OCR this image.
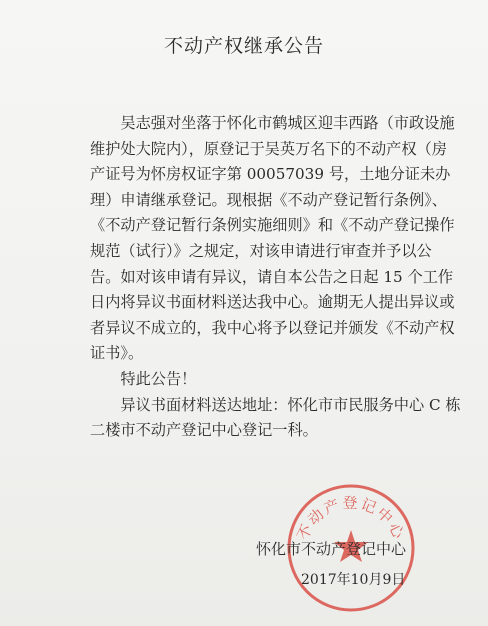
不动产权继承公告

吴志强对坐落于怀化市鹤城区迎丰西路（市政设施维护处大院内），原登记于吴英万名下的不动产权（房产证号为怀房权证字第 00057039 号，土地分证未办理）申请继承登记。现根据《不动产登记暂行条例》、《不动产登记暂行条例实施细则》和《不动产登记操作规范（试行）》之规定，对该申请进行审查并予以公告。如对该申请有异议，请自本公告之日起 15 个工作日内将异议书面材料送达我中心。逾期无人提出异议或者异议不成立的，我中心将予以登记并颁发《不动产权证书》。

特此公告！

异议书面材料送达地址：怀化市市民服务中心 C 栋二楼市不动产登记中心登记一科。

不动产登记中心
怀化市不动产登记中心
2017年10月9日
